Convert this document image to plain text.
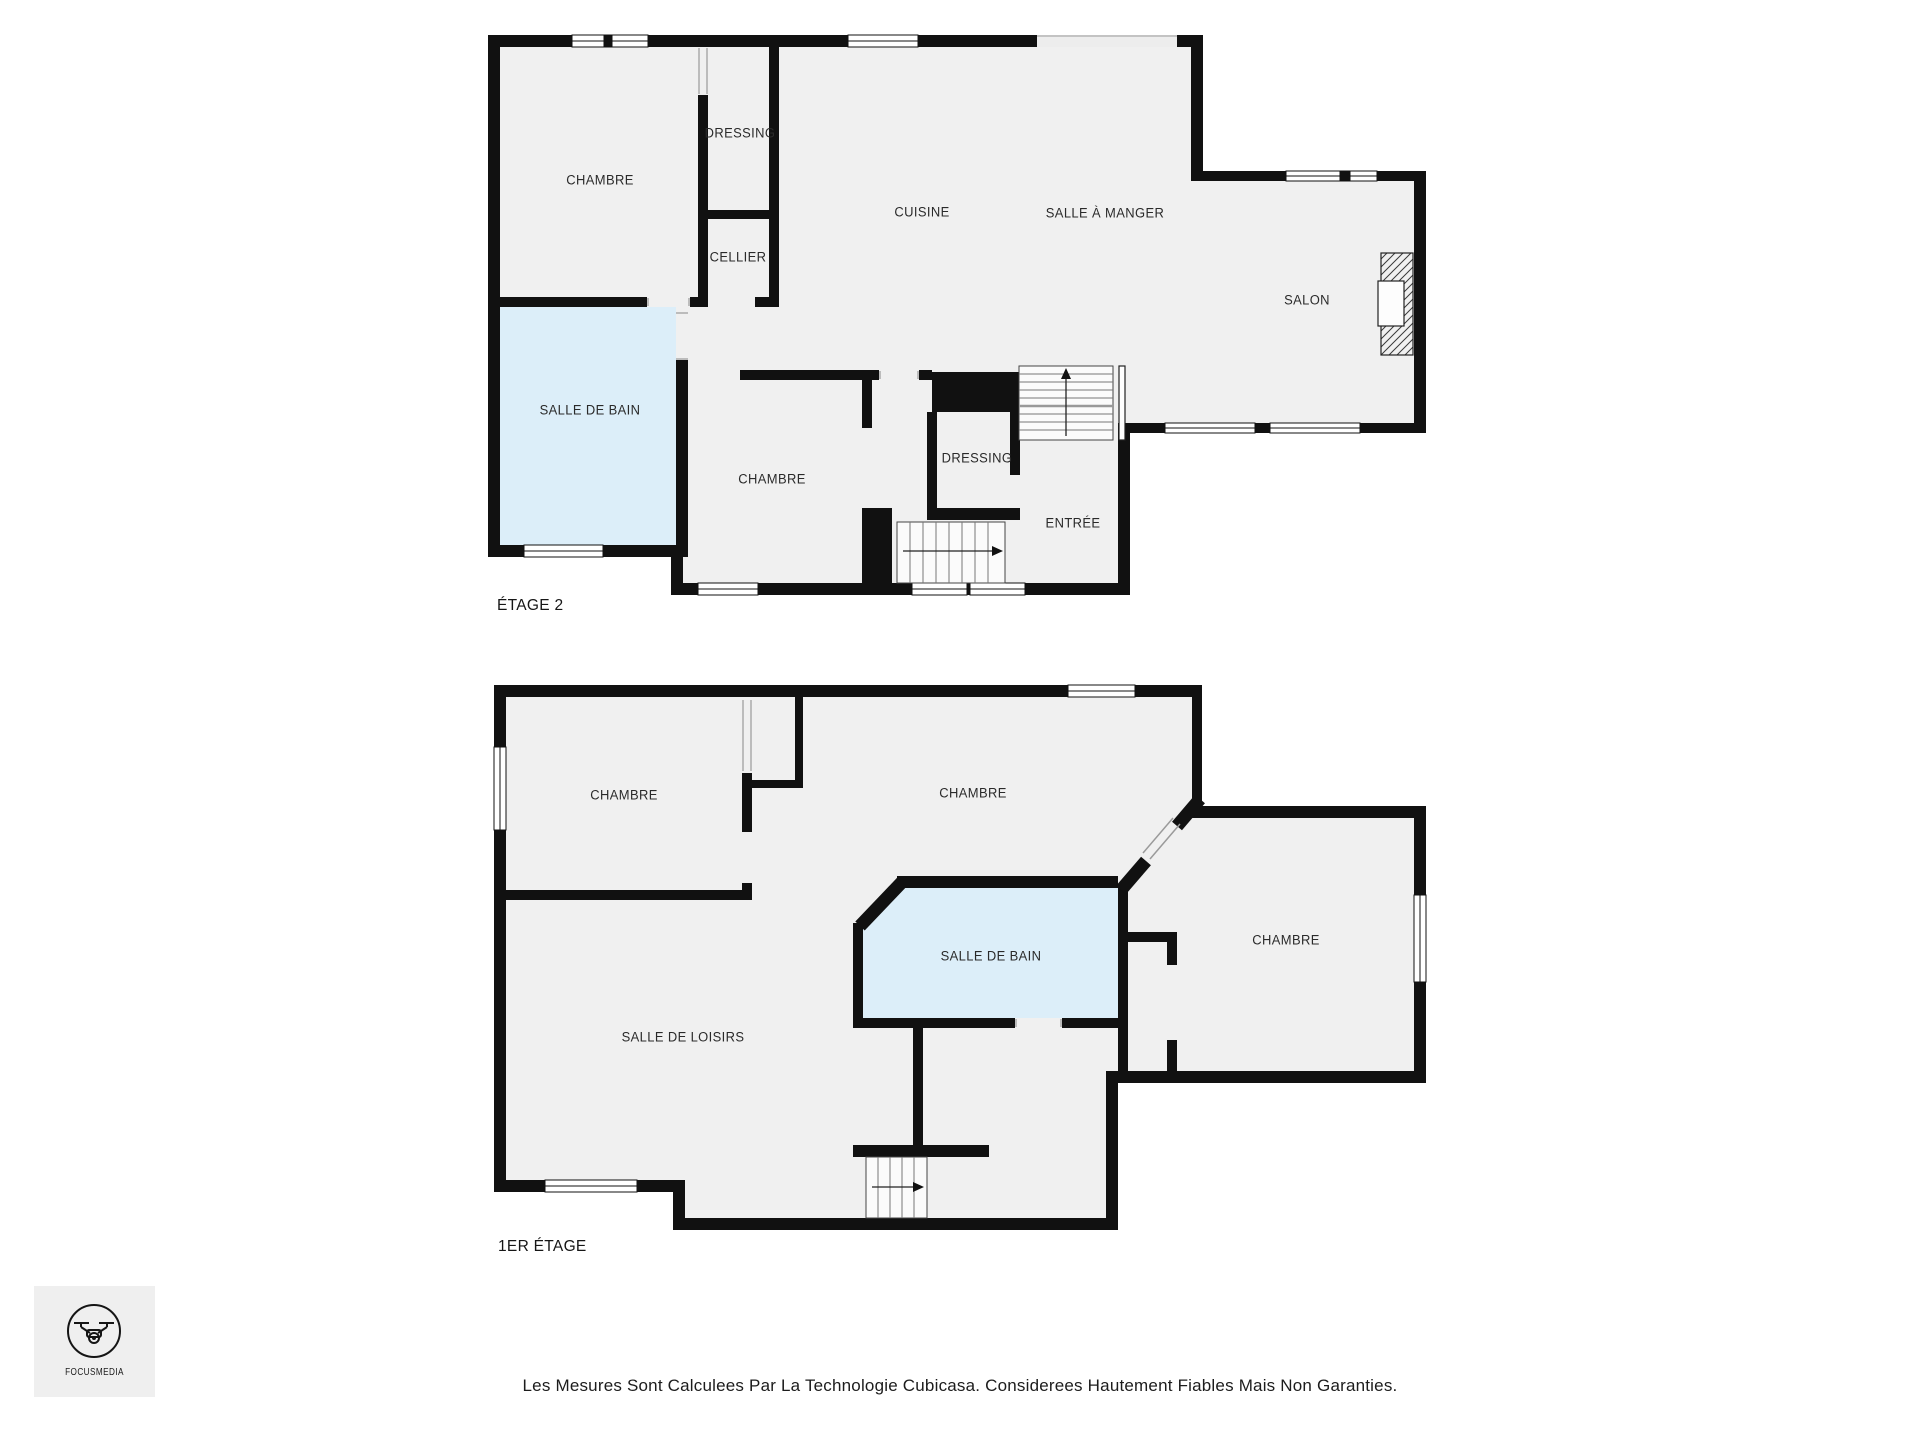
CHAMBRE
DRESSING
CELLIER
CUISINE	SALLE À MANGER
SALON
SALLE DE BAIN
CHAMBRE
DRESSING
ENTRÉE
CHAMBRE	CHAMBRE
SALLE DE BAIN
CHAMBRE
SALLE DE LOISIRS
ÉTAGE 2
1ER ÉTAGE
Les Mesures Sont Calculees Par La Technologie Cubicasa. Considerees Hautement Fiables Mais Non Garanties.
FOCUSMEDIA
